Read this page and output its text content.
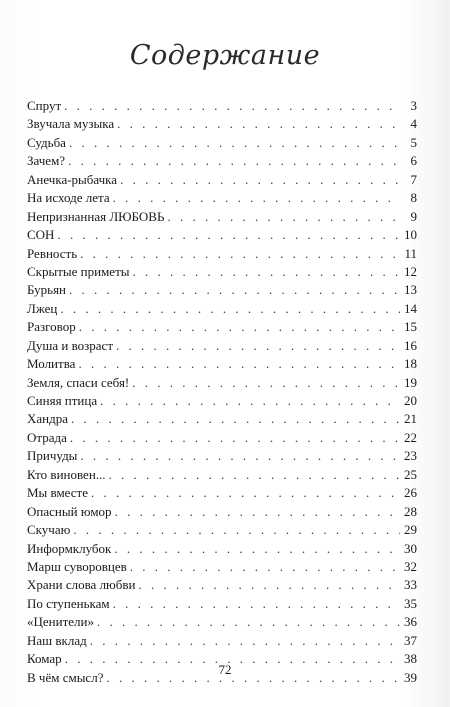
Содержание
Спрут . . .	3
Звучала музыка . . .	4
Судьба . . .	5
Зачем? . . .	6
Анечка-рыбачка . . .	7
На исходе лета . . .	8
Непризнанная ЛЮБОВЬ . . .	9
СОН . . .	10
Ревность . . .	11
Скрытые приметы . . .	12
Бурьян . . .	13
Лжец . . .	14
Разговор . . .	15
Душа и возраст . . .	16
Молитва . . .	18
Земля, спаси себя! . . .	19
Синяя птица . . .	20
Хандра . . .	21
Отрада . . .	22
Причуды . . .	23
Кто виновен... . . .	25
Мы вместе . . .	26
Опасный юмор . . .	28
Скучаю . . .	29
Информклубок . . .	30
Марш суворовцев . . .	32
Храни слова любви . . .	33
По ступенькам . . .	35
«Ценители» . . .	36
Наш вклад . . .	37
Комар . . .	38
В чём смысл? . . .	39
72
